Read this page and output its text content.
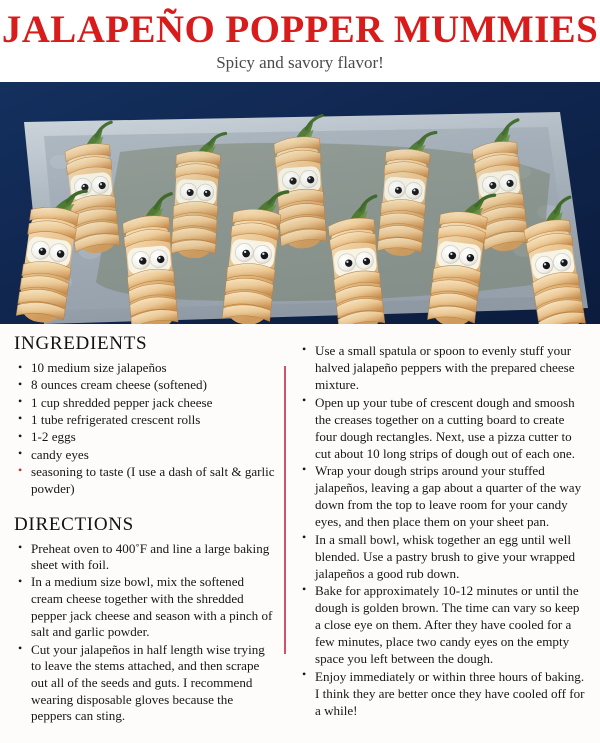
JALAPEÑO POPPER MUMMIES
Spicy and savory flavor!
INGREDIENTS
• 10 medium size jalapeños
• 8 ounces cream cheese (softened)
• 1 cup shredded pepper jack cheese
• 1 tube refrigerated crescent rolls
• 1-2 eggs
• candy eyes
• seasoning to taste (I use a dash of salt & garlic powder)
DIRECTIONS
• Preheat oven to 400˚F and line a large baking sheet with foil.
• In a medium size bowl, mix the softened cream cheese together with the shredded pepper jack cheese and season with a pinch of salt and garlic powder.
• Cut your jalapeños in half length wise trying to leave the stems attached, and then scrape out all of the seeds and guts. I recommend wearing disposable gloves because the peppers can sting.
• Use a small spatula or spoon to evenly stuff your halved jalapeño peppers with the prepared cheese mixture.
• Open up your tube of crescent dough and smoosh the creases together on a cutting board to create four dough rectangles. Next, use a pizza cutter to cut about 10 long strips of dough out of each one.
• Wrap your dough strips around your stuffed jalapeños, leaving a gap about a quarter of the way down from the top to leave room for your candy eyes, and then place them on your sheet pan.
• In a small bowl, whisk together an egg until well blended. Use a pastry brush to give your wrapped jalapeños a good rub down.
• Bake for approximately 10-12 minutes or until the dough is golden brown. The time can vary so keep a close eye on them. After they have cooled for a few minutes, place two candy eyes on the empty space you left between the dough.
• Enjoy immediately or within three hours of baking. I think they are better once they have cooled off for a while!
